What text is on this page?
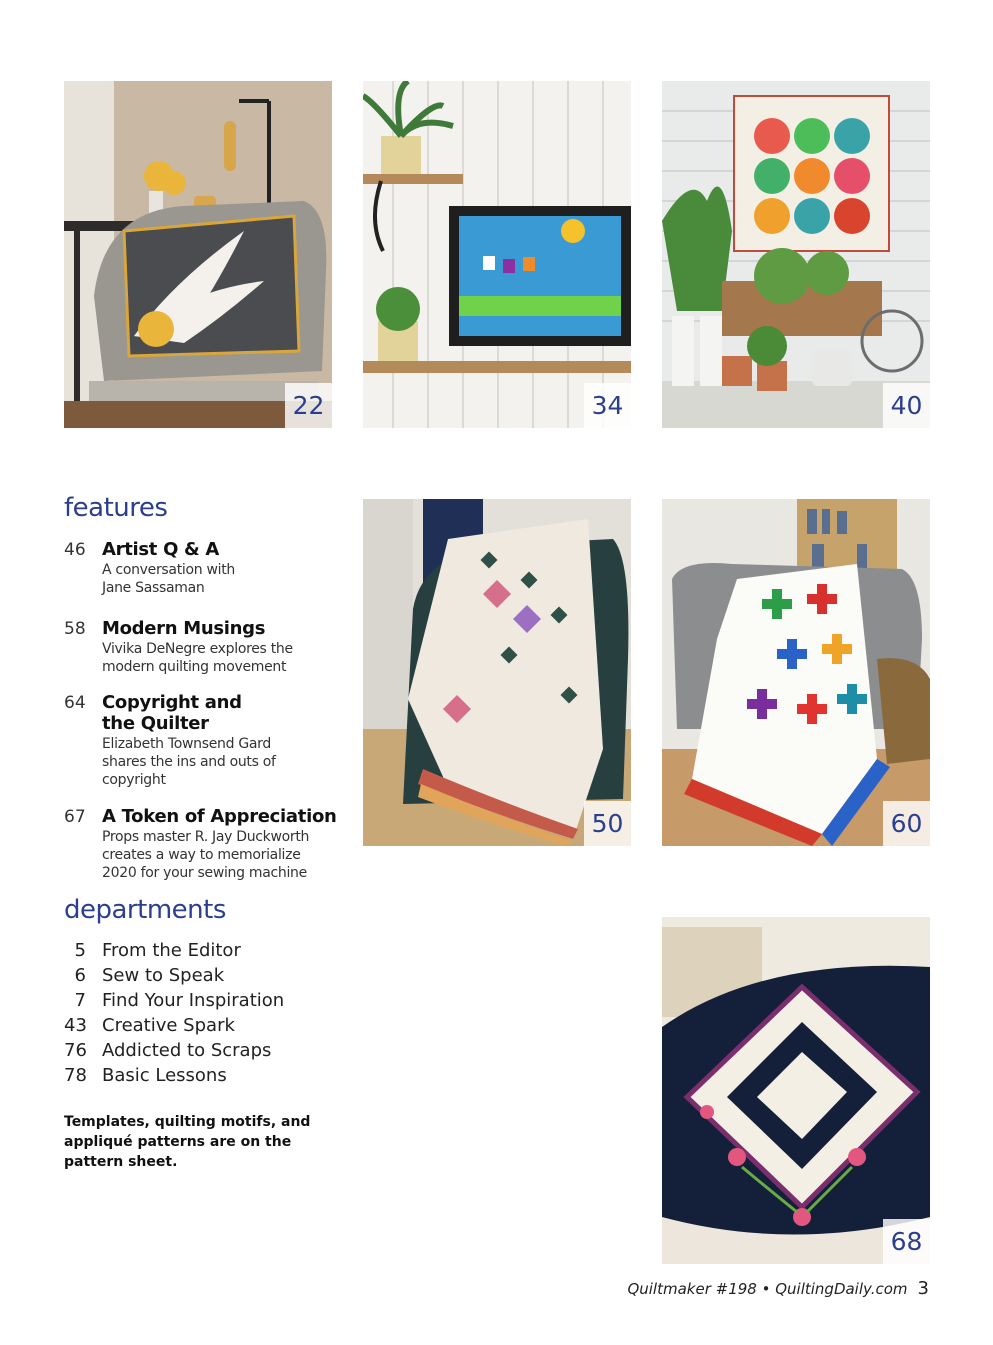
22	34	40
50	60
68
features
46 Artist Q & A
A conversation with
Jane Sassaman
58 Modern Musings
Vivika DeNegre explores the
modern quilting movement
64 Copyright and
the Quilter
Elizabeth Townsend Gard
shares the ins and outs of
copyright
67 A Token of Appreciation
Props master R. Jay Duckworth
creates a way to memorialize
2020 for your sewing machine
departments
5 From the Editor
6 Sew to Speak
7 Find Your Inspiration
43 Creative Spark
76 Addicted to Scraps
78 Basic Lessons

Templates, quilting motifs, and appliqué patterns are on the pattern sheet.

Quiltmaker #198 • QuiltingDaily.com 3
